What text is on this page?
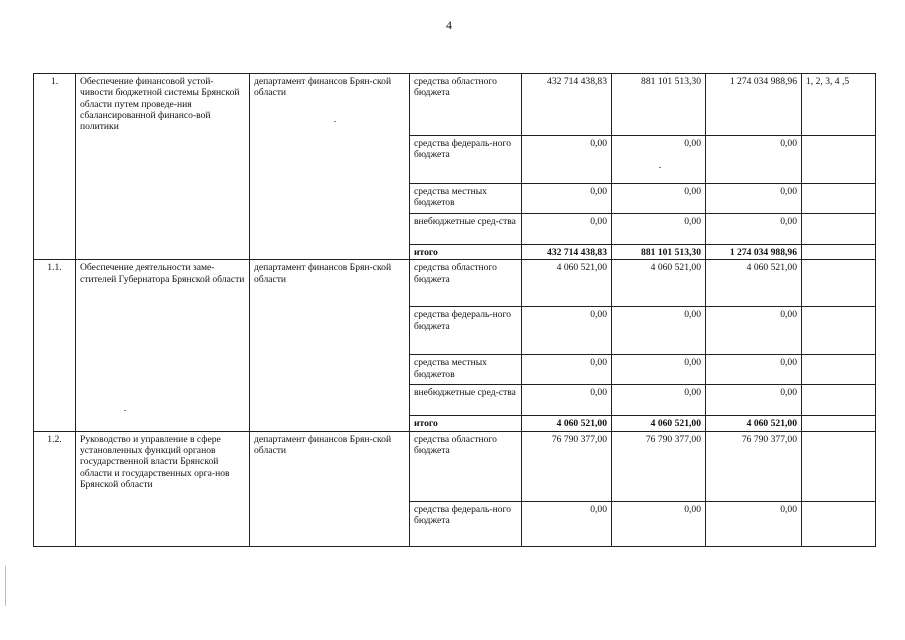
4
1.	Обеспечение финансовой устой-чивости бюджетной системы Брянской области путем проведе-ния сбалансированной финансо-вой политики	департамент финансов Брян-ской области	средства областного бюджета	432 714 438,83	881 101 513,30	1 274 034 988,96	1, 2, 3, 4 ,5
			средства федераль-ного бюджета	0,00	0,00	0,00	
			средства местных бюджетов	0,00	0,00	0,00	
			внебюджетные сред-ства	0,00	0,00	0,00	
			итого	432 714 438,83	881 101 513,30	1 274 034 988,96	
1.1.	Обеспечение деятельности заме-стителей Губернатора Брянской области	департамент финансов Брян-ской области	средства областного бюджета	4 060 521,00	4 060 521,00	4 060 521,00	
			средства федераль-ного бюджета	0,00	0,00	0,00	
			средства местных бюджетов	0,00	0,00	0,00	
			внебюджетные сред-ства	0,00	0,00	0,00	
			итого	4 060 521,00	4 060 521,00	4 060 521,00	
1.2.	Руководство и управление в сфере установленных функций органов государственной власти Брянской области и государственных орга-нов Брянской области	департамент финансов Брян-ской области	средства областного бюджета	76 790 377,00	76 790 377,00	76 790 377,00	
			средства федераль-ного бюджета	0,00	0,00	0,00	
